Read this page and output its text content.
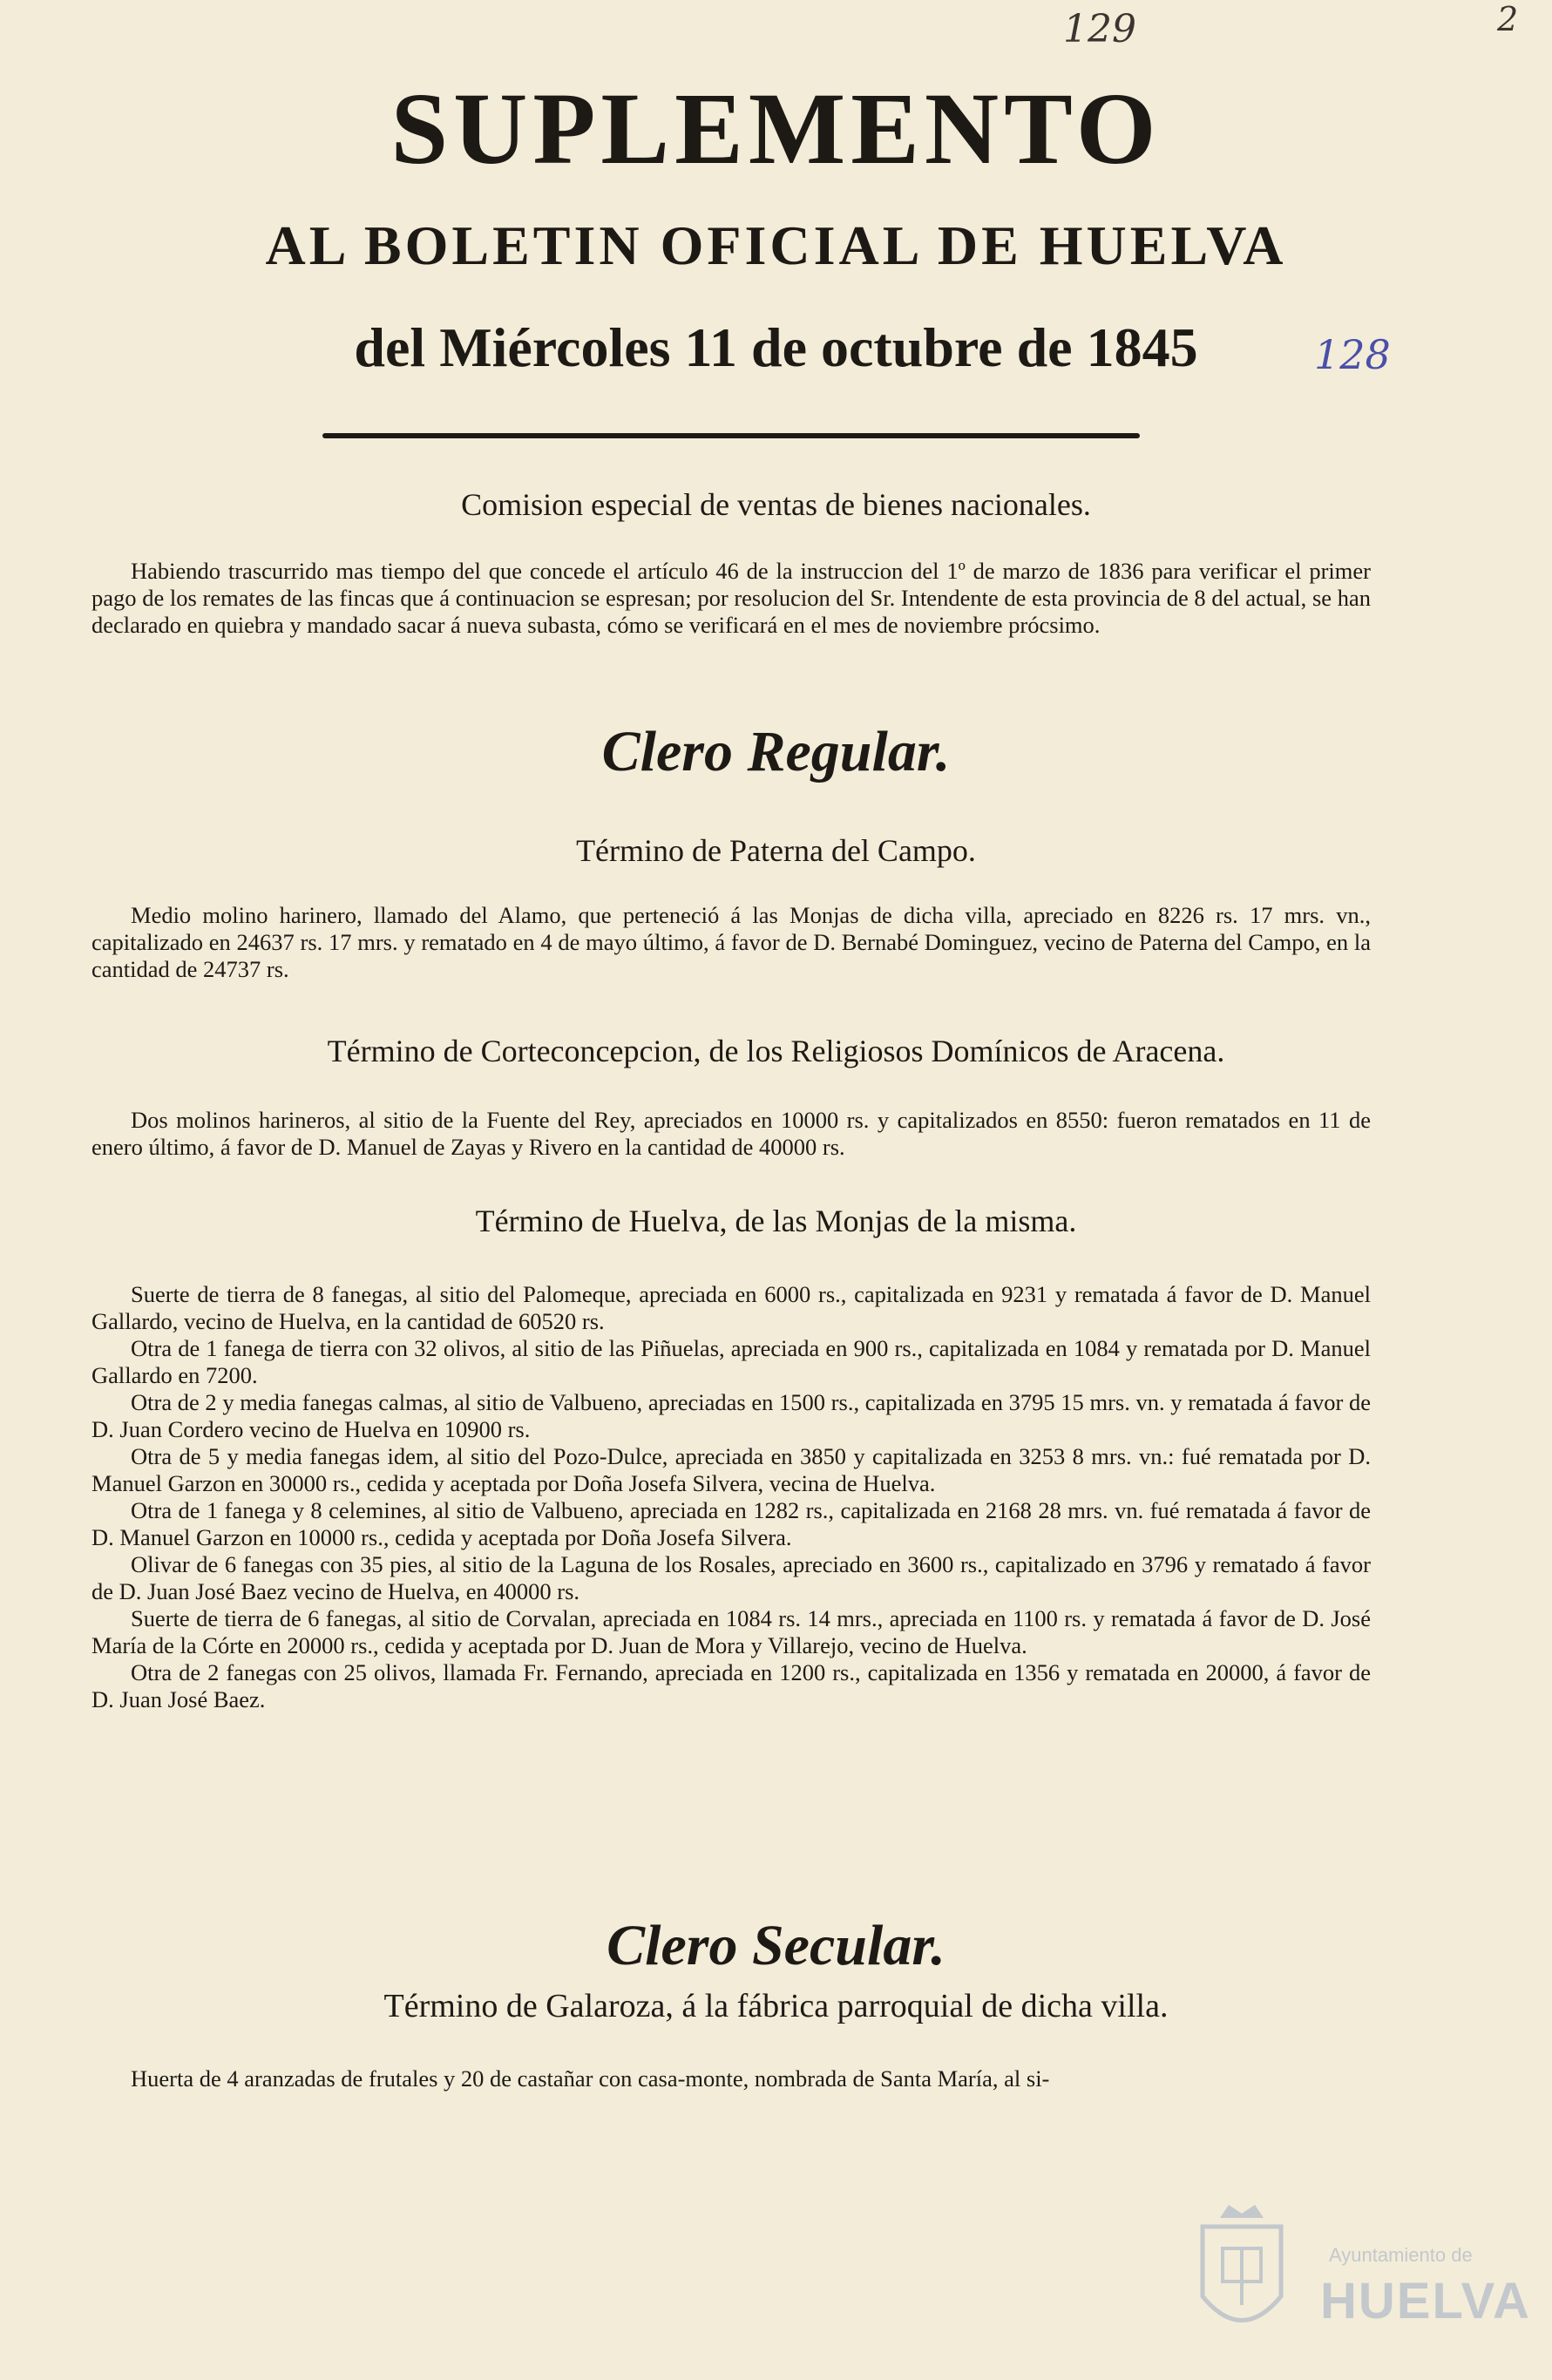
129	2
128
SUPLEMENTO
AL BOLETIN OFICIAL DE HUELVA
del Miércoles 11 de octubre de 1845
Comision especial de ventas de bienes nacionales.
Habiendo trascurrido mas tiempo del que concede el artículo 46 de la instruccion del 1º de marzo de 1836 para verificar el primer pago de los remates de las fincas que á continuacion se espresan; por resolucion del Sr. Intendente de esta provincia de 8 del actual, se han declarado en quiebra y mandado sacar á nueva subasta, cómo se verificará en el mes de noviembre prócsimo.
Clero Regular.
Término de Paterna del Campo.
Medio molino harinero, llamado del Alamo, que perteneció á las Monjas de dicha villa, apreciado en 8226 rs. 17 mrs. vn., capitalizado en 24637 rs. 17 mrs. y rematado en 4 de mayo último, á favor de D. Bernabé Dominguez, vecino de Paterna del Campo, en la cantidad de 24737 rs.
Término de Corteconcepcion, de los Religiosos Domínicos de Aracena.
Dos molinos harineros, al sitio de la Fuente del Rey, apreciados en 10000 rs. y capitalizados en 8550: fueron rematados en 11 de enero último, á favor de D. Manuel de Zayas y Rivero en la cantidad de 40000 rs.
Término de Huelva, de las Monjas de la misma.

Suerte de tierra de 8 fanegas, al sitio del Palomeque, apreciada en 6000 rs., capitalizada en 9231 y rematada á favor de D. Manuel Gallardo, vecino de Huelva, en la cantidad de 60520 rs.

Otra de 1 fanega de tierra con 32 olivos, al sitio de las Piñuelas, apreciada en 900 rs., capitalizada en 1084 y rematada por D. Manuel Gallardo en 7200.

Otra de 2 y media fanegas calmas, al sitio de Valbueno, apreciadas en 1500 rs., capitalizada en 3795 15 mrs. vn. y rematada á favor de D. Juan Cordero vecino de Huelva en 10900 rs.

Otra de 5 y media fanegas idem, al sitio del Pozo-Dulce, apreciada en 3850 y capitalizada en 3253 8 mrs. vn.: fué rematada por D. Manuel Garzon en 30000 rs., cedida y aceptada por Doña Josefa Silvera, vecina de Huelva.

Otra de 1 fanega y 8 celemines, al sitio de Valbueno, apreciada en 1282 rs., capitalizada en 2168 28 mrs. vn. fué rematada á favor de D. Manuel Garzon en 10000 rs., cedida y aceptada por Doña Josefa Silvera.

Olivar de 6 fanegas con 35 pies, al sitio de la Laguna de los Rosales, apreciado en 3600 rs., capitalizado en 3796 y rematado á favor de D. Juan José Baez vecino de Huelva, en 40000 rs.

Suerte de tierra de 6 fanegas, al sitio de Corvalan, apreciada en 1084 rs. 14 mrs., apreciada en 1100 rs. y rematada á favor de D. José María de la Córte en 20000 rs., cedida y aceptada por D. Juan de Mora y Villarejo, vecino de Huelva.

Otra de 2 fanegas con 25 olivos, llamada Fr. Fernando, apreciada en 1200 rs., capitalizada en 1356 y rematada en 20000, á favor de D. Juan José Baez.

Clero Secular.
Término de Galaroza, á la fábrica parroquial de dicha villa.
Huerta de 4 aranzadas de frutales y 20 de castañar con casa-monte, nombrada de Santa María, al si-
Ayuntamiento de
HUELVA
